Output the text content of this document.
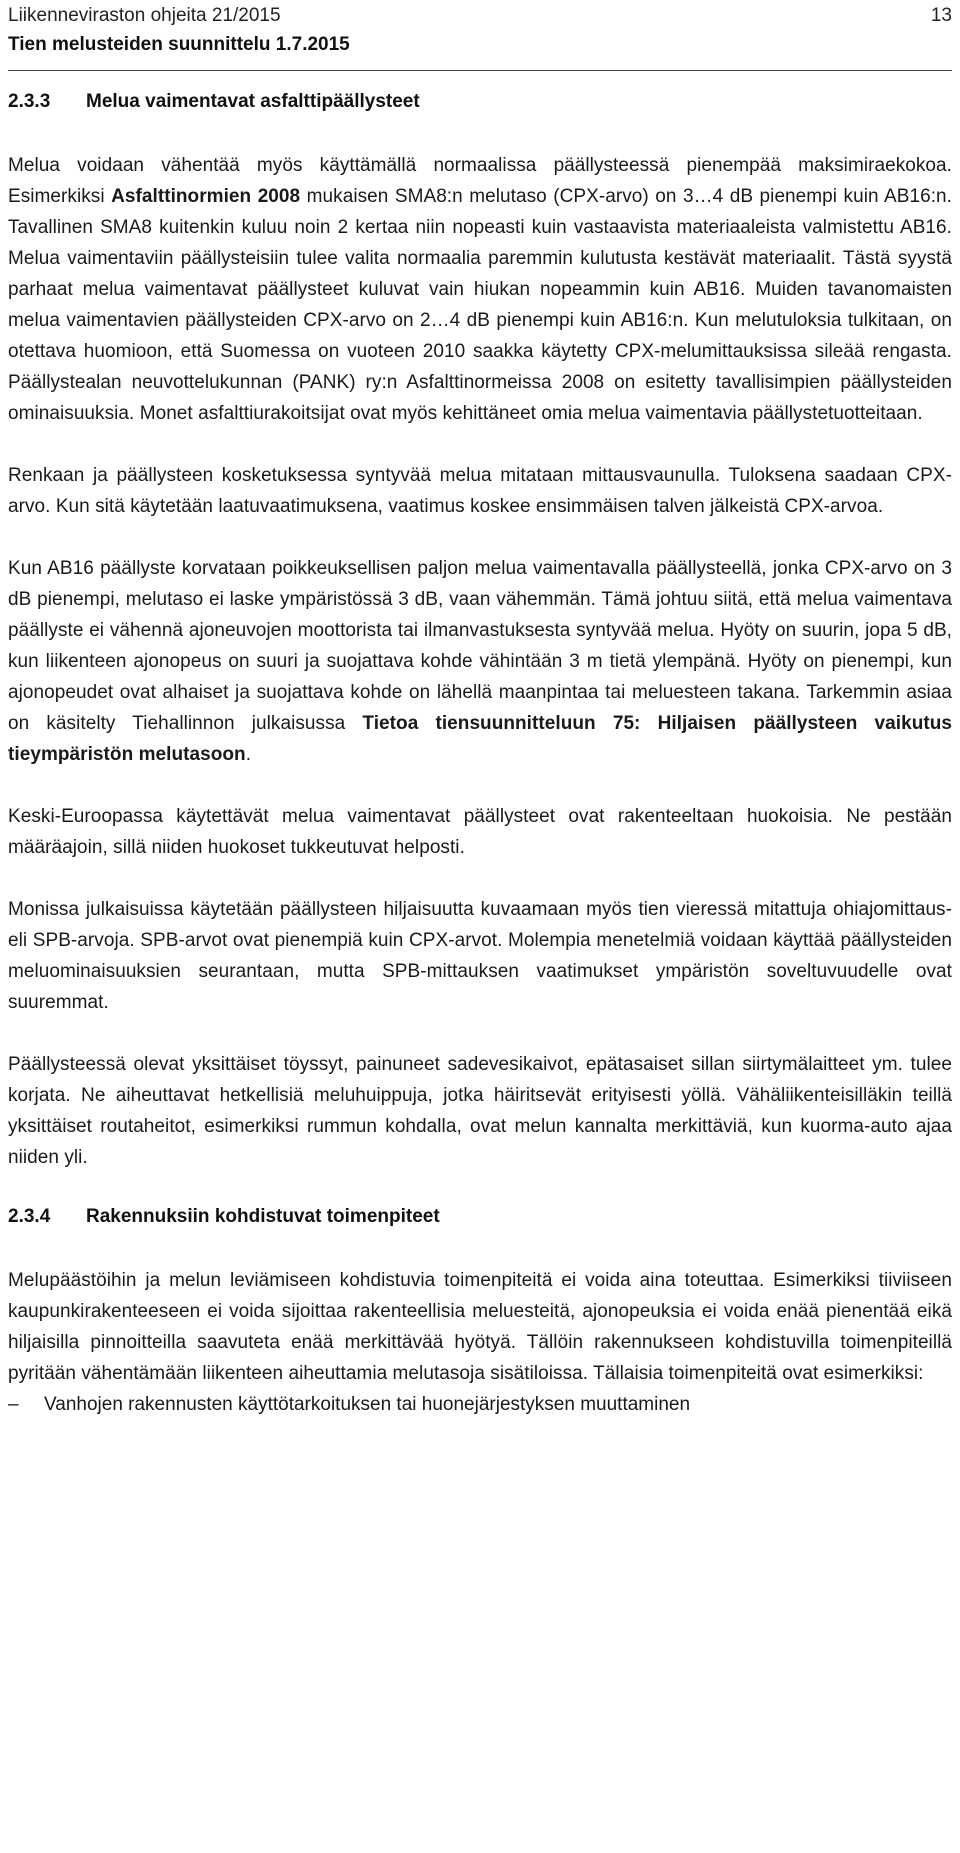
Liikenneviraston ohjeita 21/2015
Tien melusteiden suunnittelu 1.7.2015
13
2.3.3	Melua vaimentavat asfalttipäällysteet

Melua voidaan vähentää myös käyttämällä normaalissa päällysteessä pienempää maksimiraekokoa. Esimerkiksi Asfalttinormien 2008 mukaisen SMA8:n melutaso (CPX-arvo) on 3…4 dB pienempi kuin AB16:n. Tavallinen SMA8 kuitenkin kuluu noin 2 kertaa niin nopeasti kuin vastaavista materiaaleista valmistettu AB16. Melua vaimentaviin päällysteisiin tulee valita normaalia paremmin kulutusta kestävät materiaalit. Tästä syystä parhaat melua vaimentavat päällysteet kuluvat vain hiukan nopeammin kuin AB16. Muiden tavanomaisten melua vaimentavien päällysteiden CPX-arvo on 2…4 dB pienempi kuin AB16:n. Kun melutuloksia tulkitaan, on otettava huomioon, että Suomessa on vuoteen 2010 saakka käytetty CPX-melumittauksissa sileää rengasta. Päällystealan neuvottelukunnan (PANK) ry:n Asfalttinormeissa 2008 on esitetty tavallisimpien päällysteiden ominaisuuksia. Monet asfalttiurakoitsijat ovat myös kehittäneet omia melua vaimentavia päällystetuotteitaan.

Renkaan ja päällysteen kosketuksessa syntyvää melua mitataan mittausvaunulla. Tuloksena saadaan CPX-arvo. Kun sitä käytetään laatuvaatimuksena, vaatimus koskee ensimmäisen talven jälkeistä CPX-arvoa.

Kun AB16 päällyste korvataan poikkeuksellisen paljon melua vaimentavalla päällysteellä, jonka CPX-arvo on 3 dB pienempi, melutaso ei laske ympäristössä 3 dB, vaan vähemmän. Tämä johtuu siitä, että melua vaimentava päällyste ei vähennä ajoneuvojen moottorista tai ilmanvastuksesta syntyvää melua. Hyöty on suurin, jopa 5 dB, kun liikenteen ajonopeus on suuri ja suojattava kohde vähintään 3 m tietä ylempänä. Hyöty on pienempi, kun ajonopeudet ovat alhaiset ja suojattava kohde on lähellä maanpintaa tai meluesteen takana. Tarkemmin asiaa on käsitelty Tiehallinnon julkaisussa Tietoa tiensuunnitteluun 75: Hiljaisen päällysteen vaikutus tieympäristön melutasoon.

Keski-Euroopassa käytettävät melua vaimentavat päällysteet ovat rakenteeltaan huokoisia. Ne pestään määräajoin, sillä niiden huokoset tukkeutuvat helposti.

Monissa julkaisuissa käytetään päällysteen hiljaisuutta kuvaamaan myös tien vieressä mitattuja ohiajomittaus- eli SPB-arvoja. SPB-arvot ovat pienempiä kuin CPX-arvot. Molempia menetelmiä voidaan käyttää päällysteiden meluominaisuuksien seurantaan, mutta SPB-mittauksen vaatimukset ympäristön soveltuvuudelle ovat suuremmat.

Päällysteessä olevat yksittäiset töyssyt, painuneet sadevesikaivot, epätasaiset sillan siirtymälaitteet ym. tulee korjata. Ne aiheuttavat hetkellisiä meluhuippuja, jotka häiritsevät erityisesti yöllä. Vähäliikenteisilläkin teillä yksittäiset routaheitot, esimerkiksi rummun kohdalla, ovat melun kannalta merkittäviä, kun kuorma-auto ajaa niiden yli.

2.3.4	Rakennuksiin kohdistuvat toimenpiteet

Melupäästöihin ja melun leviämiseen kohdistuvia toimenpiteitä ei voida aina toteuttaa. Esimerkiksi tiiviiseen kaupunkirakenteeseen ei voida sijoittaa rakenteellisia meluesteitä, ajonopeuksia ei voida enää pienentää eikä hiljaisilla pinnoitteilla saavuteta enää merkittävää hyötyä. Tällöin rakennukseen kohdistuvilla toimenpiteillä pyritään vähentämään liikenteen aiheuttamia melutasoja sisätiloissa. Tällaisia toimenpiteitä ovat esimerkiksi:

–	Vanhojen rakennusten käyttötarkoituksen tai huonejärjestyksen muuttaminen
